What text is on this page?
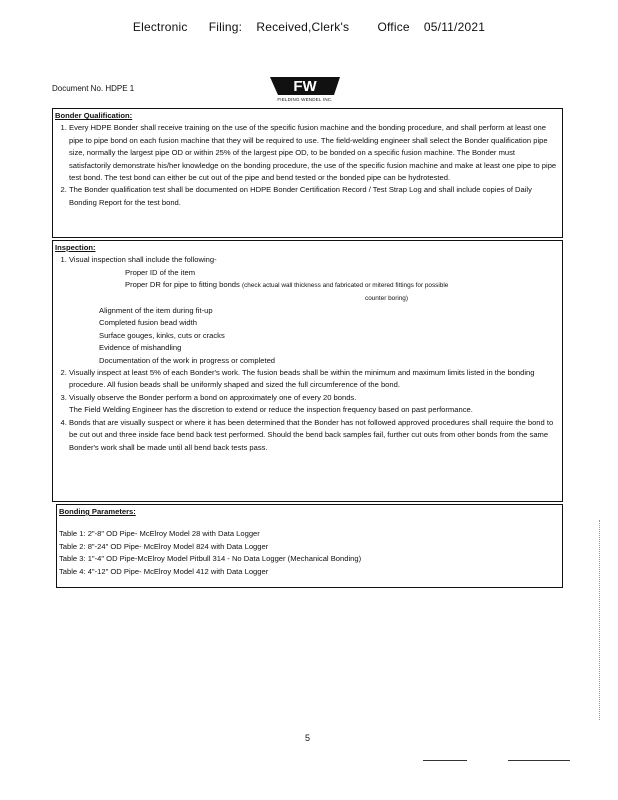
Electronic      Filing:    Received,Clerk's        Office    05/11/2021
Document No. HDPE 1	FW
FIELDING WENDEL INC.
Bonder Qualification:
1. Every HDPE Bonder shall receive training on the use of the specific fusion machine and the bonding procedure, and shall perform at least one pipe to pipe bond on each fusion machine that they will be required to use. The field-welding engineer shall select the Bonder qualification pipe size, normally the largest pipe OD or within 25% of the largest pipe OD, to be bonded on a specific fusion machine. The Bonder must satisfactorily demonstrate his/her knowledge on the bonding procedure, the use of the specific fusion machine and make at least one pipe to pipe test bond. The test bond can either be cut out of the pipe and bend tested or the bonded pipe can be hydrotested.
2. The Bonder qualification test shall be documented on HDPE Bonder Certification Record / Test Strap Log and shall include copies of Daily Bonding Report for the test bond.
Inspection:
1. Visual inspection shall include the following-
Proper ID of the item
Proper DR for pipe to fitting bonds (check actual wall thickness and fabricated or mitered fittings for possible
counter boring)
Alignment of the item during fit-up
Completed fusion bead width
Surface gouges, kinks, cuts or cracks
Evidence of mishandling
Documentation of the work in progress or completed
2. Visually inspect at least 5% of each Bonder's work. The fusion beads shall be within the minimum and maximum limits listed in the bonding procedure. All fusion beads shall be uniformly shaped and sized the full circumference of the bond.
3. Visually observe the Bonder perform a bond on approximately one of every 20 bonds.
The Field Welding Engineer has the discretion to extend or reduce the inspection frequency based on past performance.
4. Bonds that are visually suspect or where it has been determined that the Bonder has not followed approved procedures shall require the bond to be cut out and three inside face bend back test performed. Should the bend back samples fail, further cut outs from other bonds from the same Bonder's work shall be made until all bend back tests pass.
Bonding Parameters:
Table 1: 2"-8" OD Pipe- McElroy Model 28 with Data Logger
Table 2: 8"-24" OD Pipe- McElroy Model 824 with Data Logger
Table 3: 1"-4" OD Pipe-McElroy Model Pitbull 314 - No Data Logger (Mechanical Bonding)
Table 4: 4"-12" OD Pipe- McElroy Model 412 with Data Logger
5
